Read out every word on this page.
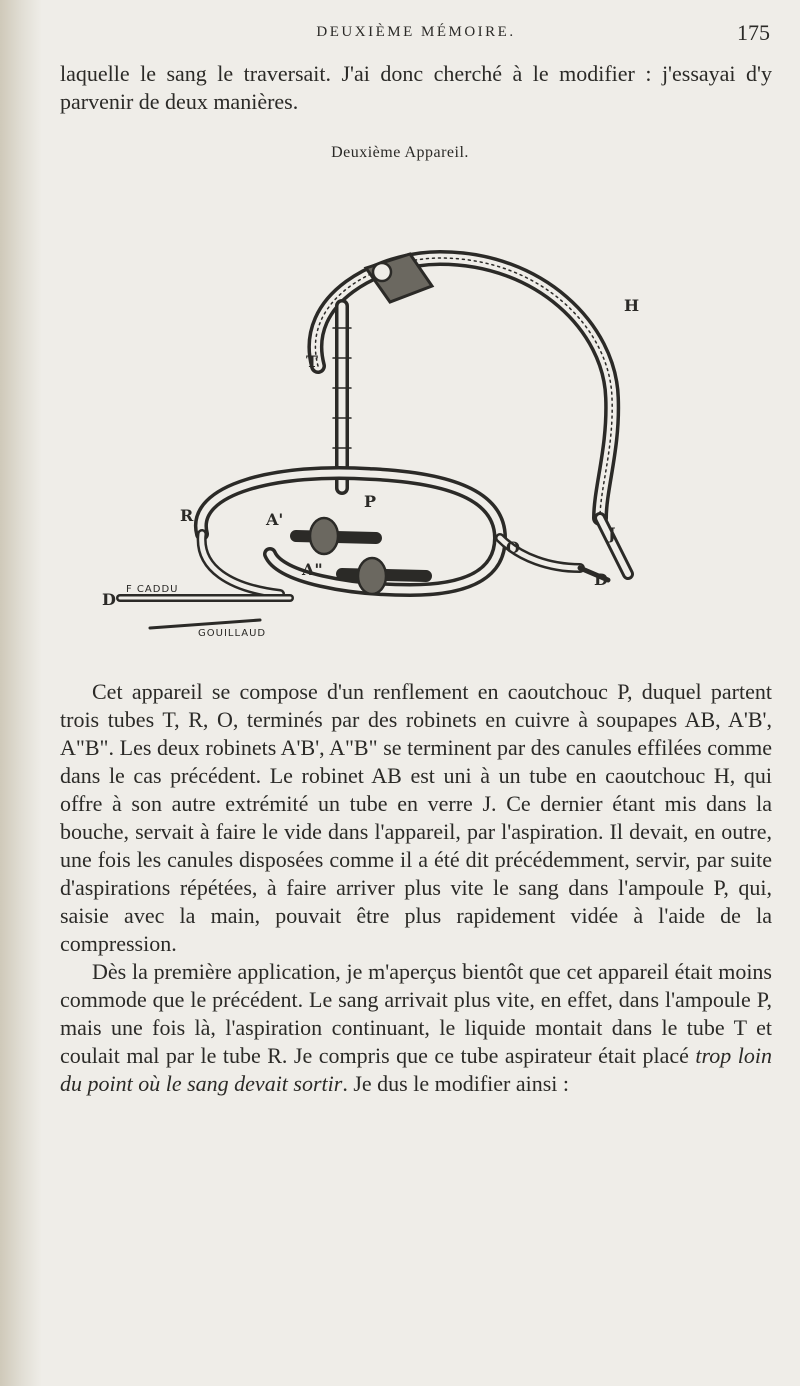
DEUXIÈME MÉMOIRE.	175

laquelle le sang le traversait. J'ai donc cherché à le modifier : j'essayai d'y parvenir de deux manières.

Deuxième Appareil.
T
H
R
P
A'
A"
O
J
D
D
F CADDU
GOUILLAUD

Cet appareil se compose d'un renflement en caoutchouc P, duquel partent trois tubes T, R, O, terminés par des robinets en cuivre à soupapes AB, A'B', A"B". Les deux robinets A'B', A"B" se terminent par des canules effilées comme dans le cas précédent. Le robinet AB est uni à un tube en caoutchouc H, qui offre à son autre extrémité un tube en verre J. Ce dernier étant mis dans la bouche, servait à faire le vide dans l'appareil, par l'aspiration. Il devait, en outre, une fois les canules disposées comme il a été dit précédemment, servir, par suite d'aspirations répétées, à faire arriver plus vite le sang dans l'ampoule P, qui, saisie avec la main, pouvait être plus rapidement vidée à l'aide de la compression.

Dès la première application, je m'aperçus bientôt que cet appareil était moins commode que le précédent. Le sang arrivait plus vite, en effet, dans l'ampoule P, mais une fois là, l'aspiration continuant, le liquide montait dans le tube T et coulait mal par le tube R. Je compris que ce tube aspirateur était placé trop loin du point où le sang devait sortir. Je dus le modifier ainsi :
